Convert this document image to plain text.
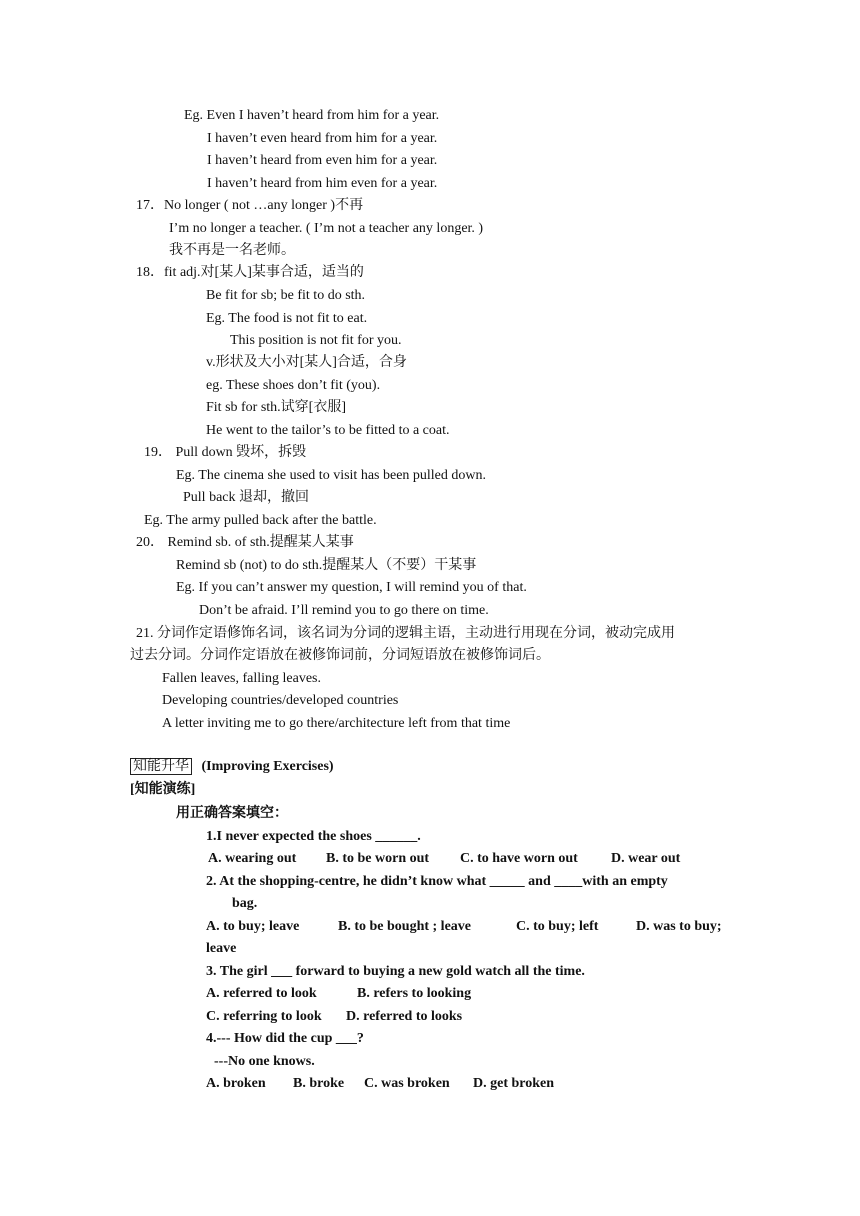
Eg. Even I haven’t heard from him for a year.
I haven’t even heard from him for a year.
I haven’t heard from even him for a year.
I haven’t heard from him even for a year.
17．No longer ( not …any longer )不再
I’m no longer a teacher. ( I’m not a teacher any longer. )
我不再是一名老师。
18．fit adj.对[某人]某事合适，适当的
Be fit for sb; be fit to do sth.
Eg. The food is not fit to eat.
This position is not fit for you.
v.形状及大小对[某人]合适，合身
eg. These shoes don’t fit (you).
Fit sb for sth.试穿[衣服]
He went to the tailor’s to be fitted to a coat.
19． Pull down 毁坏，拆毁
Eg. The cinema she used to visit has been pulled down.
Pull back 退却，撤回
Eg. The army pulled back after the battle.
20． Remind sb. of sth.提醒某人某事
Remind sb (not) to do sth.提醒某人（不要）干某事
Eg. If you can’t answer my question, I will remind you of that.
Don’t be afraid. I’ll remind you to go there on time.
21. 分词作定语修饰名词，该名词为分词的逻辑主语，主动进行用现在分词，被动完成用
过去分词。分词作定语放在被修饰词前，分词短语放在被修饰词后。
Fallen leaves, falling leaves.
Developing countries/developed countries
A letter inviting me to go there/architecture left from that time
知能升华 (Improving Exercises)
[知能演练]
用正确答案填空：
1.I never expected the shoes ______.
A. wearing out B. to be worn out C. to have worn out D. wear out
2. At the shopping-centre, he didn’t know what _____ and ____with an empty
bag.
A. to buy; leave	B. to be bought ; leave	C. to buy; left	D. was to buy;
leave
3. The girl ___ forward to buying a new gold watch all the time.
A. referred to look	B. refers to looking
C. referring to look D. referred to looks
4.--- How did the cup ___?
---No one knows.
A. broken B. broke C. was broken D. get broken
